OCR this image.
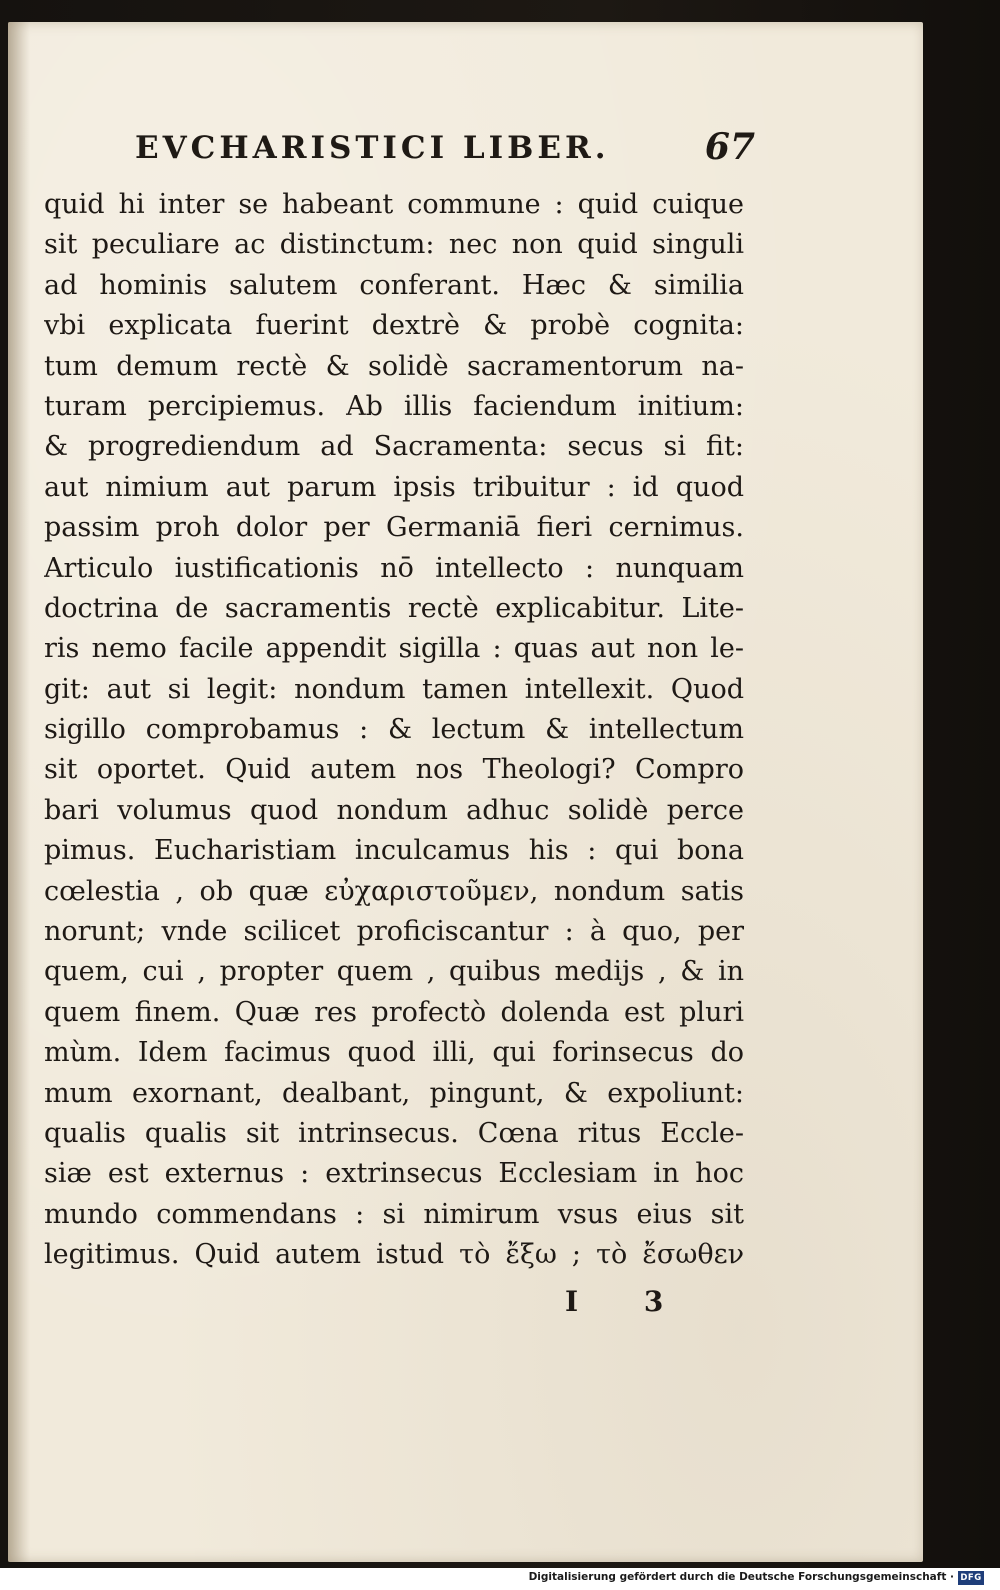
EVCHARISTICI LIBER.	67
quid hi inter se habeant commune : quid cuique
sit peculiare ac distinctum: nec non quid singuli
ad hominis salutem conferant. Hæc & similia
vbi explicata fuerint dextrè & probè cognita:
tum demum rectè & solidè sacramentorum na-
turam percipiemus. Ab illis faciendum initium:
& progrediendum ad Sacramenta: secus si fit:
aut nimium aut parum ipsis tribuitur : id quod
passim proh dolor per Germaniā fieri cernimus.
Articulo iustificationis nō intellecto : nunquam
doctrina de sacramentis rectè explicabitur. Lite-
ris nemo facile appendit sigilla : quas aut non le-
git: aut si legit: nondum tamen intellexit. Quod
sigillo comprobamus : & lectum & intellectum
sit oportet. Quid autem nos Theologi? Compro
bari volumus quod nondum adhuc solidè perce
pimus. Eucharistiam inculcamus his : qui bona
cœlestia , ob quæ εὐχαριστοῦμεν, nondum satis
norunt; vnde scilicet proficiscantur : à quo, per
quem, cui , propter quem , quibus medijs , & in
quem finem. Quæ res profectò dolenda est pluri
mùm. Idem facimus quod illi, qui forinsecus do
mum exornant, dealbant, pingunt, & expoliunt:
qualis qualis sit intrinsecus. Cœna ritus Eccle-
siæ est externus : extrinsecus Ecclesiam in hoc
mundo commendans : si nimirum vsus eius sit
legitimus. Quid autem istud τὸ ἔξω ; τὸ ἔσωθεν
I 3
Digitalisierung gefördert durch die Deutsche Forschungsgemeinschaft · DFG
